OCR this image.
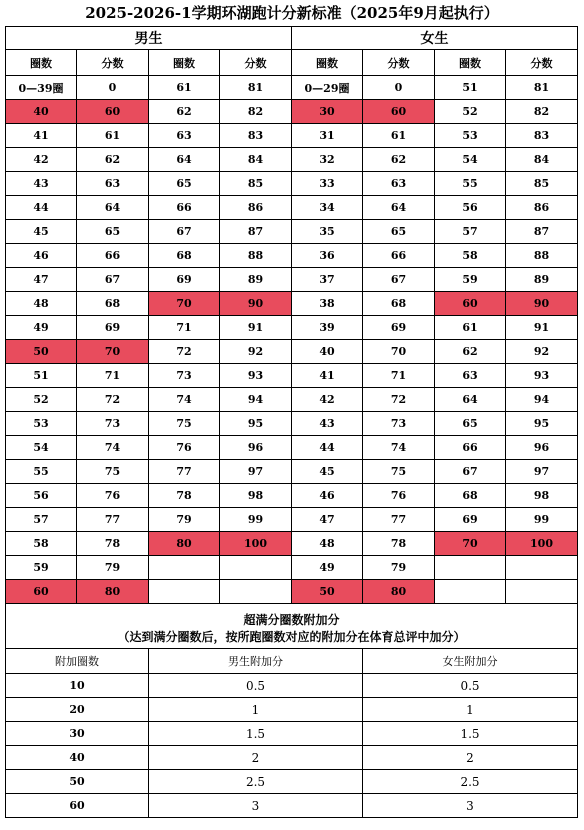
2025-2026-1学期环湖跑计分新标准（2025年9月起执行）
男生				女生			
圈数	分数	圈数	分数	圈数	分数	圈数	分数
0—39圈	0	61	81	0—29圈	0	51	81
40	60	62	82	30	60	52	82
41	61	63	83	31	61	53	83
42	62	64	84	32	62	54	84
43	63	65	85	33	63	55	85
44	64	66	86	34	64	56	86
45	65	67	87	35	65	57	87
46	66	68	88	36	66	58	88
47	67	69	89	37	67	59	89
48	68	70	90	38	68	60	90
49	69	71	91	39	69	61	91
50	70	72	92	40	70	62	92
51	71	73	93	41	71	63	93
52	72	74	94	42	72	64	94
53	73	75	95	43	73	65	95
54	74	76	96	44	74	66	96
55	75	77	97	45	75	67	97
56	76	78	98	46	76	68	98
57	77	79	99	47	77	69	99
58	78	80	100	48	78	70	100
59	79			49	79		
60	80			50	80		
超满分圈数附加分
（达到满分圈数后，按所跑圈数对应的附加分在体育总评中加分）
附加圈数	男生附加分	女生附加分
10	0.5	0.5
20	1	1
30	1.5	1.5
40	2	2
50	2.5	2.5
60	3	3
